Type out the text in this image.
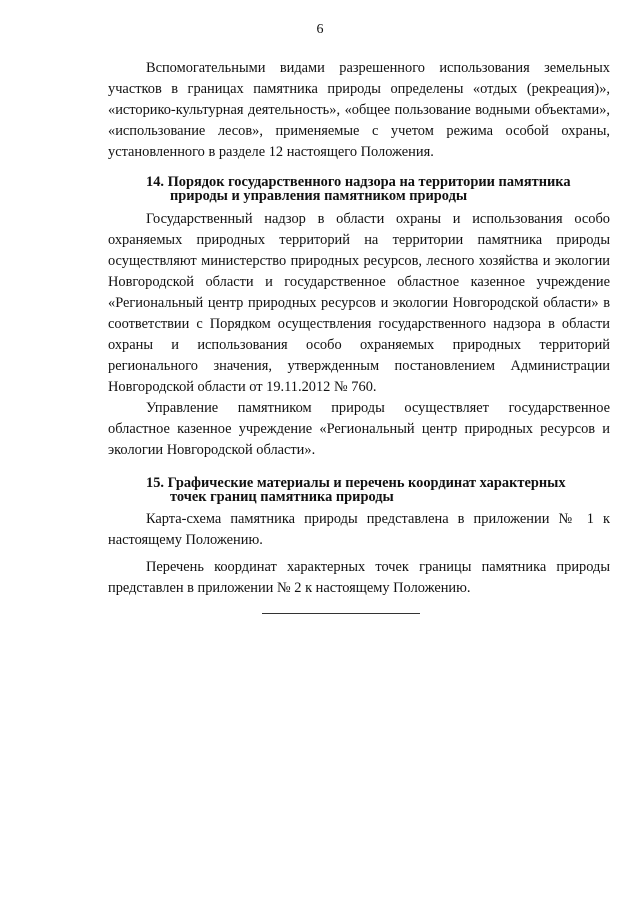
6

Вспомогательными видами разрешенного использования земельных участков в границах памятника природы определены «отдых (рекреация)», «историко-культурная деятельность», «общее пользование водными объектами», «использование лесов», применяемые с учетом режима особой охраны, установленного в разделе 12 настоящего Положения.

14. Порядок государственного надзора на территории памятника
природы и управления памятником природы

Государственный надзор в области охраны и использования особо охраняемых природных территорий на территории памятника природы осуществляют министерство природных ресурсов, лесного хозяйства и экологии Новгородской области и государственное областное казенное учреждение «Региональный центр природных ресурсов и экологии Новгородской области» в соответствии с Порядком осуществления государственного надзора в области охраны и использования особо охраняемых природных территорий регионального значения, утвержденным постановлением Администрации Новгородской области от 19.11.2012 № 760.

Управление памятником природы осуществляет государственное областное казенное учреждение «Региональный центр природных ресурсов и экологии Новгородской области».

15. Графические материалы и перечень координат характерных
точек границ памятника природы

Карта-схема памятника природы представлена в приложении № 1 к настоящему Положению.

Перечень координат характерных точек границы памятника природы представлен в приложении № 2 к настоящему Положению.
